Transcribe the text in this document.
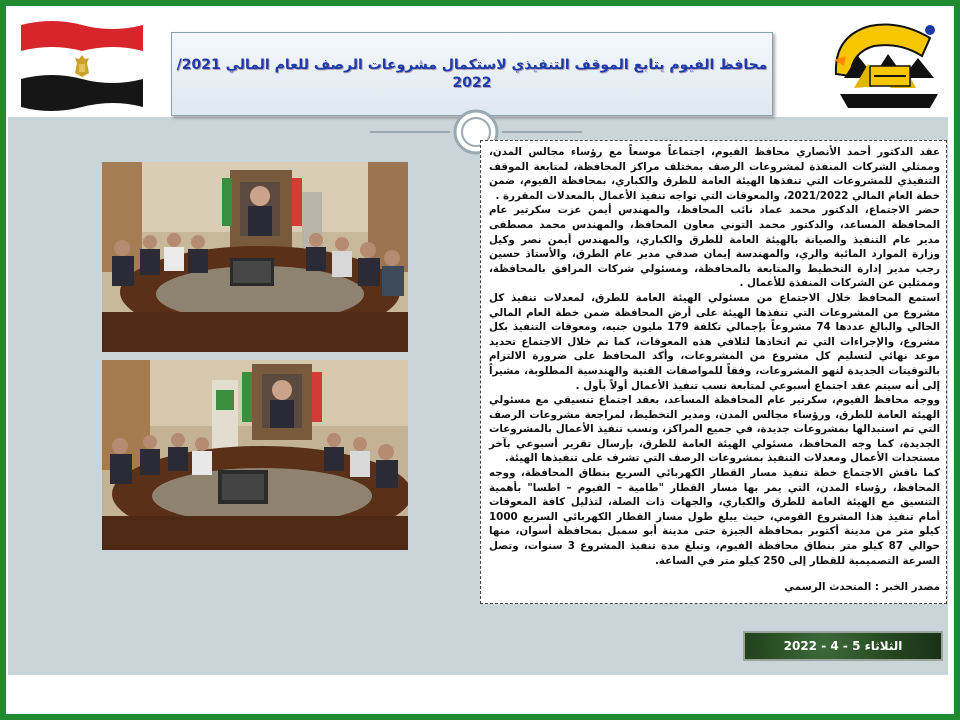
محافظ الفيوم يتابع الموقف التنفيذي لاستكمال مشروعات الرصف للعام المالي 2021/ 2022

عقد الدكتور أحمد الأنصاري محافظ الفيوم، اجتماعاً موسعاً مع رؤساء مجالس المدن، وممثلي الشركات المنفذة لمشروعات الرصف بمختلف مراكز المحافظة، لمتابعة الموقف التنفيذي للمشروعات التي تنفذها الهيئة العامة للطرق والكباري، بمحافظة الفيوم، ضمن خطة العام المالي 2021/2022، والمعوقات التي تواجه تنفيذ الأعمال بالمعدلات المقررة .

حضر الاجتماع، الدكتور محمد عماد نائب المحافظ، والمهندس أيمن عزت سكرتير عام المحافظة المساعد، والدكتور محمد التوني معاون المحافظ، والمهندس محمد مصطفى مدير عام التنفيذ والصيانة بالهيئة العامة للطرق والكباري، والمهندس أيمن نصر وكيل وزارة الموارد المائية والري، والمهندسة إيمان صدقي مدير عام الطرق، والأستاذ حسين رجب مدير إدارة التخطيط والمتابعة بالمحافظة، ومسئولي شركات المرافق بالمحافظة، وممثلين عن الشركات المنفذة للأعمال .

استمع المحافظ خلال الاجتماع من مسئولي الهيئة العامة للطرق، لمعدلات تنفيذ كل مشروع من المشروعات التي تنفذها الهيئة على أرض المحافظة ضمن خطة العام المالي الحالي والبالغ عددها 74 مشروعاً بإجمالي تكلفة 179 مليون جنيه، ومعوقات التنفيذ بكل مشروع، والإجراءات التي تم اتخاذها لتلافي هذه المعوقات، كما تم خلال الاجتماع تحديد موعد نهائي لتسليم كل مشروع من المشروعات، وأكد المحافظ على ضرورة الالتزام بالتوقيتات الجديدة لنهو المشروعات، وفقاً للمواصفات الفنية والهندسية المطلوبة، مشيراً إلى أنه سيتم عقد اجتماع أسبوعي لمتابعة نسب تنفيذ الأعمال أولاً بأول .

ووجه محافظ الفيوم، سكرتير عام المحافظة المساعد، بعقد اجتماع تنسيقي مع مسئولي الهيئة العامة للطرق، ورؤساء مجالس المدن، ومدير التخطيط، لمراجعة مشروعات الرصف التي تم استبدالها بمشروعات جديدة، في جميع المراكز، ونسب تنفيذ الأعمال بالمشروعات الجديدة، كما وجه المحافظ، مسئولي الهيئة العامة للطرق، بإرسال تقرير أسبوعي بآخر مستجدات الأعمال ومعدلات التنفيذ بمشروعات الرصف التي تشرف على تنفيذها الهيئة.

كما ناقش الاجتماع خطة تنفيذ مسار القطار الكهربائي السريع بنطاق المحافظة، ووجه المحافظ، رؤساء المدن، التي يمر بها مسار القطار "طامية – الفيوم – اطسا" بأهمية التنسيق مع الهيئة العامة للطرق والكباري، والجهات ذات الصلة، لتذليل كافة المعوقات أمام تنفيذ هذا المشروع القومي، حيث يبلغ طول مسار القطار الكهربائي السريع 1000 كيلو متر من مدينة أكتوبر بمحافظة الجيزة حتى مدينة أبو سمبل بمحافظة أسوان، منها حوالي 87 كيلو متر بنطاق محافظة الفيوم، وتبلغ مدة تنفيذ المشروع 3 سنوات، وتصل السرعة التصميمية للقطار إلى 250 كيلو متر في الساعة.

مصدر الخبر : المتحدث الرسمي

الثلاثاء 5 - 4 - 2022
